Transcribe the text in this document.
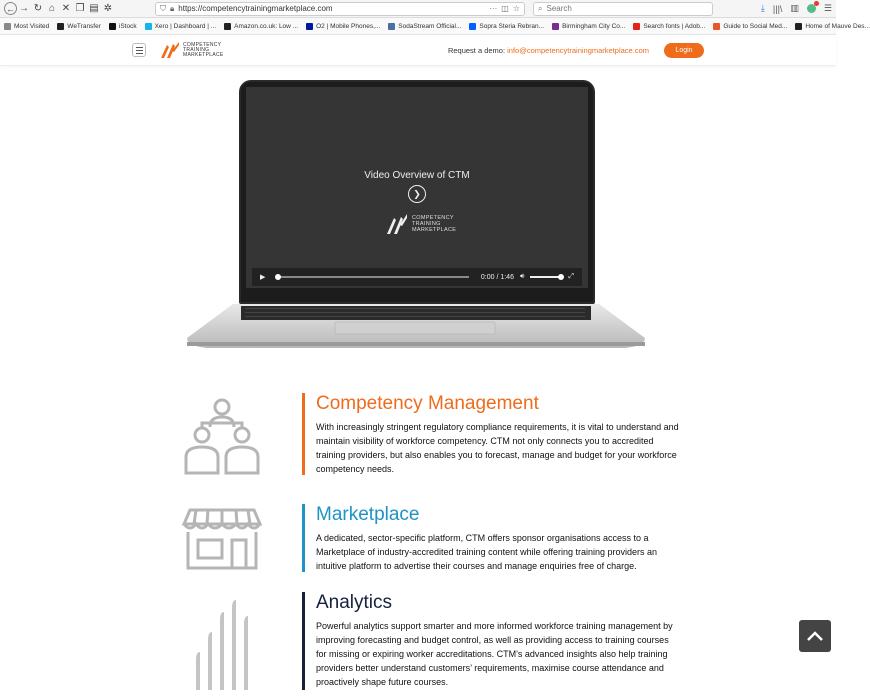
← → ↻ ⌂ ✕ ❐ ▤ ✲	⛉ 🔒︎ https://competencytrainingmarketplace.com	··· ◫ ☆ ⌕ Search	⤓ |||\ ▥	☰
Most Visited	WeTransfer	iStock	Xero | Dashboard | ...	Amazon.co.uk: Low ...	O2 | Mobile Phones,...	SodaStream Official...	Sopra Steria Rebran...	Birmingham City Co...	Search fonts | Adob...	Guide to Social Med...	Home of Mauve Des...
COMPETENCY
TRAINING
MARKETPLACE	Request a demo: info@competencytrainingmarketplace.com	Login
Video Overview of CTM
❯
COMPETENCY
TRAINING
MARKETPLACE
▶	0:00 / 1:46 🔊︎	⤢
Competency Management

With increasingly stringent regulatory compliance requirements, it is vital to understand and maintain visibility of workforce competency. CTM not only connects you to accredited training providers, but also enables you to forecast, manage and budget for your workforce competency needs.

Marketplace

A dedicated, sector-specific platform, CTM offers sponsor organisations access to a Marketplace of industry-accredited training content while offering training providers an intuitive platform to advertise their courses and manage enquiries free of charge.

Analytics

Powerful analytics support smarter and more informed workforce training management by improving forecasting and budget control, as well as providing access to training courses for missing or expiring worker accreditations. CTM’s advanced insights also help training providers better understand customers’ requirements, maximise course attendance and proactively shape future courses.
